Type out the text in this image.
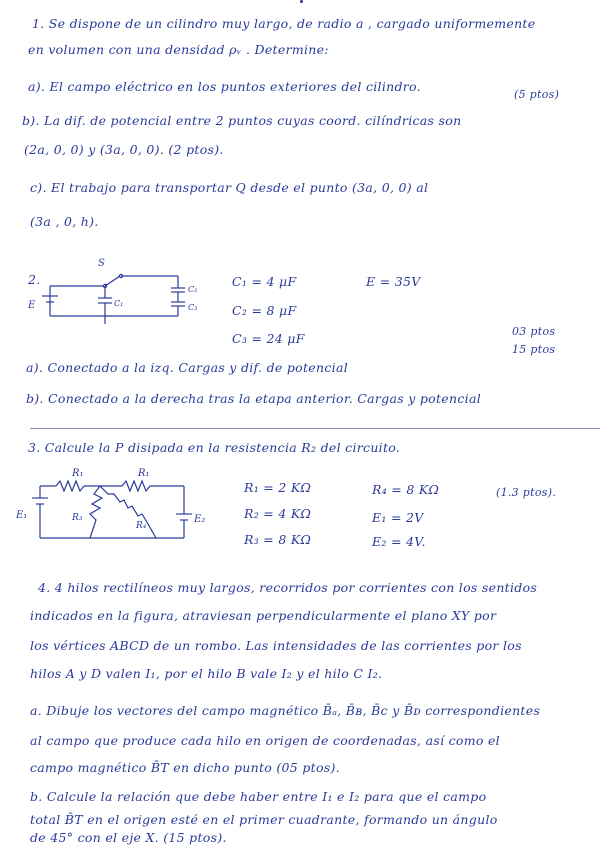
1. Se dispone de un cilindro muy largo, de radio a , cargado uniformemente
en volumen con una densidad ρᵥ . Determine:
a). El campo eléctrico en los puntos exteriores del cilindro.
(5 ptos)
b). La dif. de potencial entre 2 puntos cuyas coord. cilíndricas son
(2a, 0, 0) y (3a, 0, 0). (2 ptos).
c). El trabajo para transportar Q desde el punto (3a, 0, 0) al
(3a , 0, h).
2.
S
E	C₁
C₂
C₃
C₁ = 4 μF
C₂ = 8 μF
C₃ = 24 μF
E = 35V
03 ptos
15 ptos
a). Conectado a la izq. Cargas y dif. de potencial
b). Conectado a la derecha tras la etapa anterior. Cargas y potencial
3. Calcule la P disipada en la resistencia R₂ del circuito.
R₁	R₁
R₃
R₄
E₁	E₂
R₁ = 2 KΩ
R₂ = 4 KΩ
R₃ = 8 KΩ
R₄ = 8 KΩ
E₁ = 2V
E₂ = 4V.
(1.3 ptos).
4. 4 hilos rectilíneos muy largos, recorridos por corrientes con los sentidos
indicados en la figura, atraviesan perpendicularmente el plano XY por
los vértices ABCD de un rombo. Las intensidades de las corrientes por los
hilos A y D valen I₁, por el hilo B vale I₂ y el hilo C I₂.
a. Dibuje los vectores del campo magnético B̄ₐ, B̄ʙ, B̄c y B̄ᴅ correspondientes
al campo que produce cada hilo en origen de coordenadas, así como el
campo magnético B̄T en dicho punto (05 ptos).
b. Calcule la relación que debe haber entre I₁ e I₂ para que el campo
total B̄T en el origen esté en el primer cuadrante, formando un ángulo
de 45° con el eje X. (15 ptos).
